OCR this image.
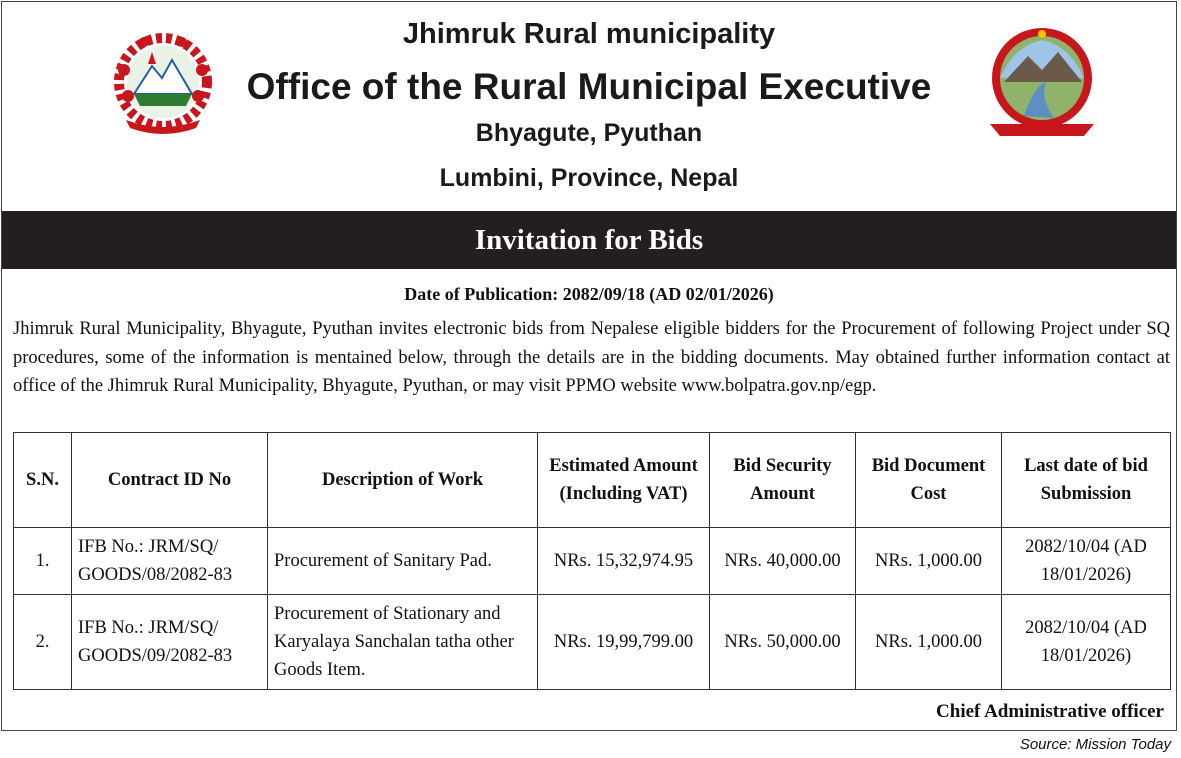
Jhimruk Rural municipality
Office of the Rural Municipal Executive
Bhyagute, Pyuthan
Lumbini, Province, Nepal
Invitation for Bids
Date of Publication: 2082/09/18 (AD 02/01/2026)
Jhimruk Rural Municipality, Bhyagute, Pyuthan invites electronic bids from Nepalese eligible bidders for the Procurement of following Project under SQ procedures, some of the information is mentained below, through the details are in the bidding documents. May obtained further information contact at office of the Jhimruk Rural Municipality, Bhyagute, Pyuthan, or may visit PPMO website www.bolpatra.gov.np/egp.
S.N.	Contract ID No	Description of Work	Estimated Amount (Including VAT)	Bid Security Amount	Bid Document Cost	Last date of bid Submission
1.	IFB No.: JRM/SQ/ GOODS/08/2082-83	Procurement of Sanitary Pad.	NRs. 15,32,974.95	NRs. 40,000.00	NRs. 1,000.00	2082/10/04 (AD 18/01/2026)
2.	IFB No.: JRM/SQ/ GOODS/09/2082-83	Procurement of Stationary and Karyalaya Sanchalan tatha other Goods Item.	NRs. 19,99,799.00	NRs. 50,000.00	NRs. 1,000.00	2082/10/04 (AD 18/01/2026)
Chief Administrative officer
Source: Mission Today
